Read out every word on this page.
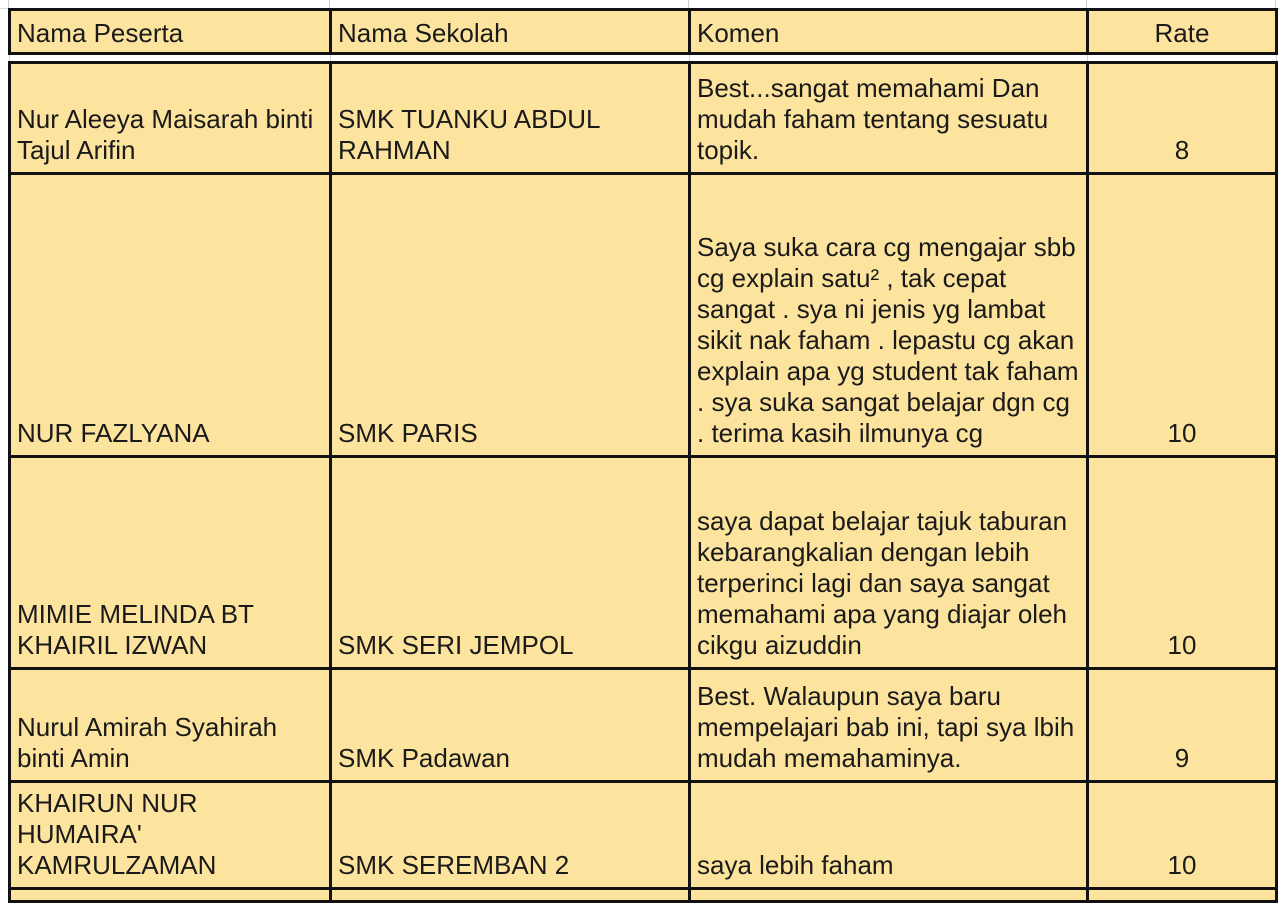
Nama Peserta	Nama Sekolah	Komen	Rate

Nur Aleeya Maisarah binti Tajul Arifin	SMK TUANKU ABDUL RAHMAN	Best...sangat memahami Dan mudah faham tentang sesuatu topik.	8
NUR FAZLYANA	SMK PARIS	Saya suka cara cg mengajar sbb cg explain satu² , tak cepat sangat . sya ni jenis yg lambat sikit nak faham . lepastu cg akan explain apa yg student tak faham . sya suka sangat belajar dgn cg . terima kasih ilmunya cg	10
MIMIE MELINDA BT KHAIRIL IZWAN	SMK SERI JEMPOL	saya dapat belajar tajuk taburan kebarangkalian dengan lebih terperinci lagi dan saya sangat memahami apa yang diajar oleh cikgu aizuddin	10
Nurul Amirah Syahirah binti Amin	SMK Padawan	Best. Walaupun saya baru mempelajari bab ini, tapi sya lbih mudah memahaminya.	9
KHAIRUN NUR HUMAIRA' KAMRULZAMAN	SMK SEREMBAN 2	saya lebih faham	10
